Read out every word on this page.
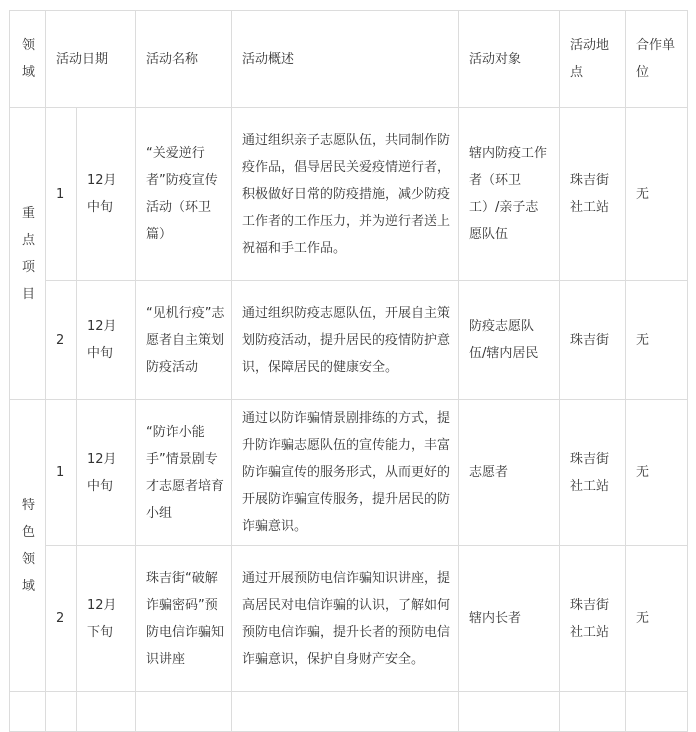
领域	活动日期		活动名称	活动概述	活动对象	活动地点	合作单位
重点项目	1	12月中旬	“关爱逆行者”防疫宣传活动（环卫篇）	通过组织亲子志愿队伍，共同制作防疫作品，倡导居民关爱疫情逆行者，积极做好日常的防疫措施，减少防疫工作者的工作压力，并为逆行者送上祝福和手工作品。	辖内防疫工作者（环卫工）/亲子志愿队伍	珠吉街社工站	无
	2	12月中旬	“见机行疫”志愿者自主策划防疫活动	通过组织防疫志愿队伍，开展自主策划防疫活动，提升居民的疫情防护意识，保障居民的健康安全。	防疫志愿队伍/辖内居民	珠吉街	无
特色领域	1	12月中旬	“防诈小能手”情景剧专才志愿者培育小组	通过以防诈骗情景剧排练的方式，提升防诈骗志愿队伍的宣传能力，丰富防诈骗宣传的服务形式，从而更好的开展防诈骗宣传服务，提升居民的防诈骗意识。	志愿者	珠吉街社工站	无
	2	12月下旬	珠吉街“破解诈骗密码”预防电信诈骗知识讲座	通过开展预防电信诈骗知识讲座，提高居民对电信诈骗的认识，了解如何预防电信诈骗，提升长者的预防电信诈骗意识，保护自身财产安全。	辖内长者	珠吉街社工站	无
